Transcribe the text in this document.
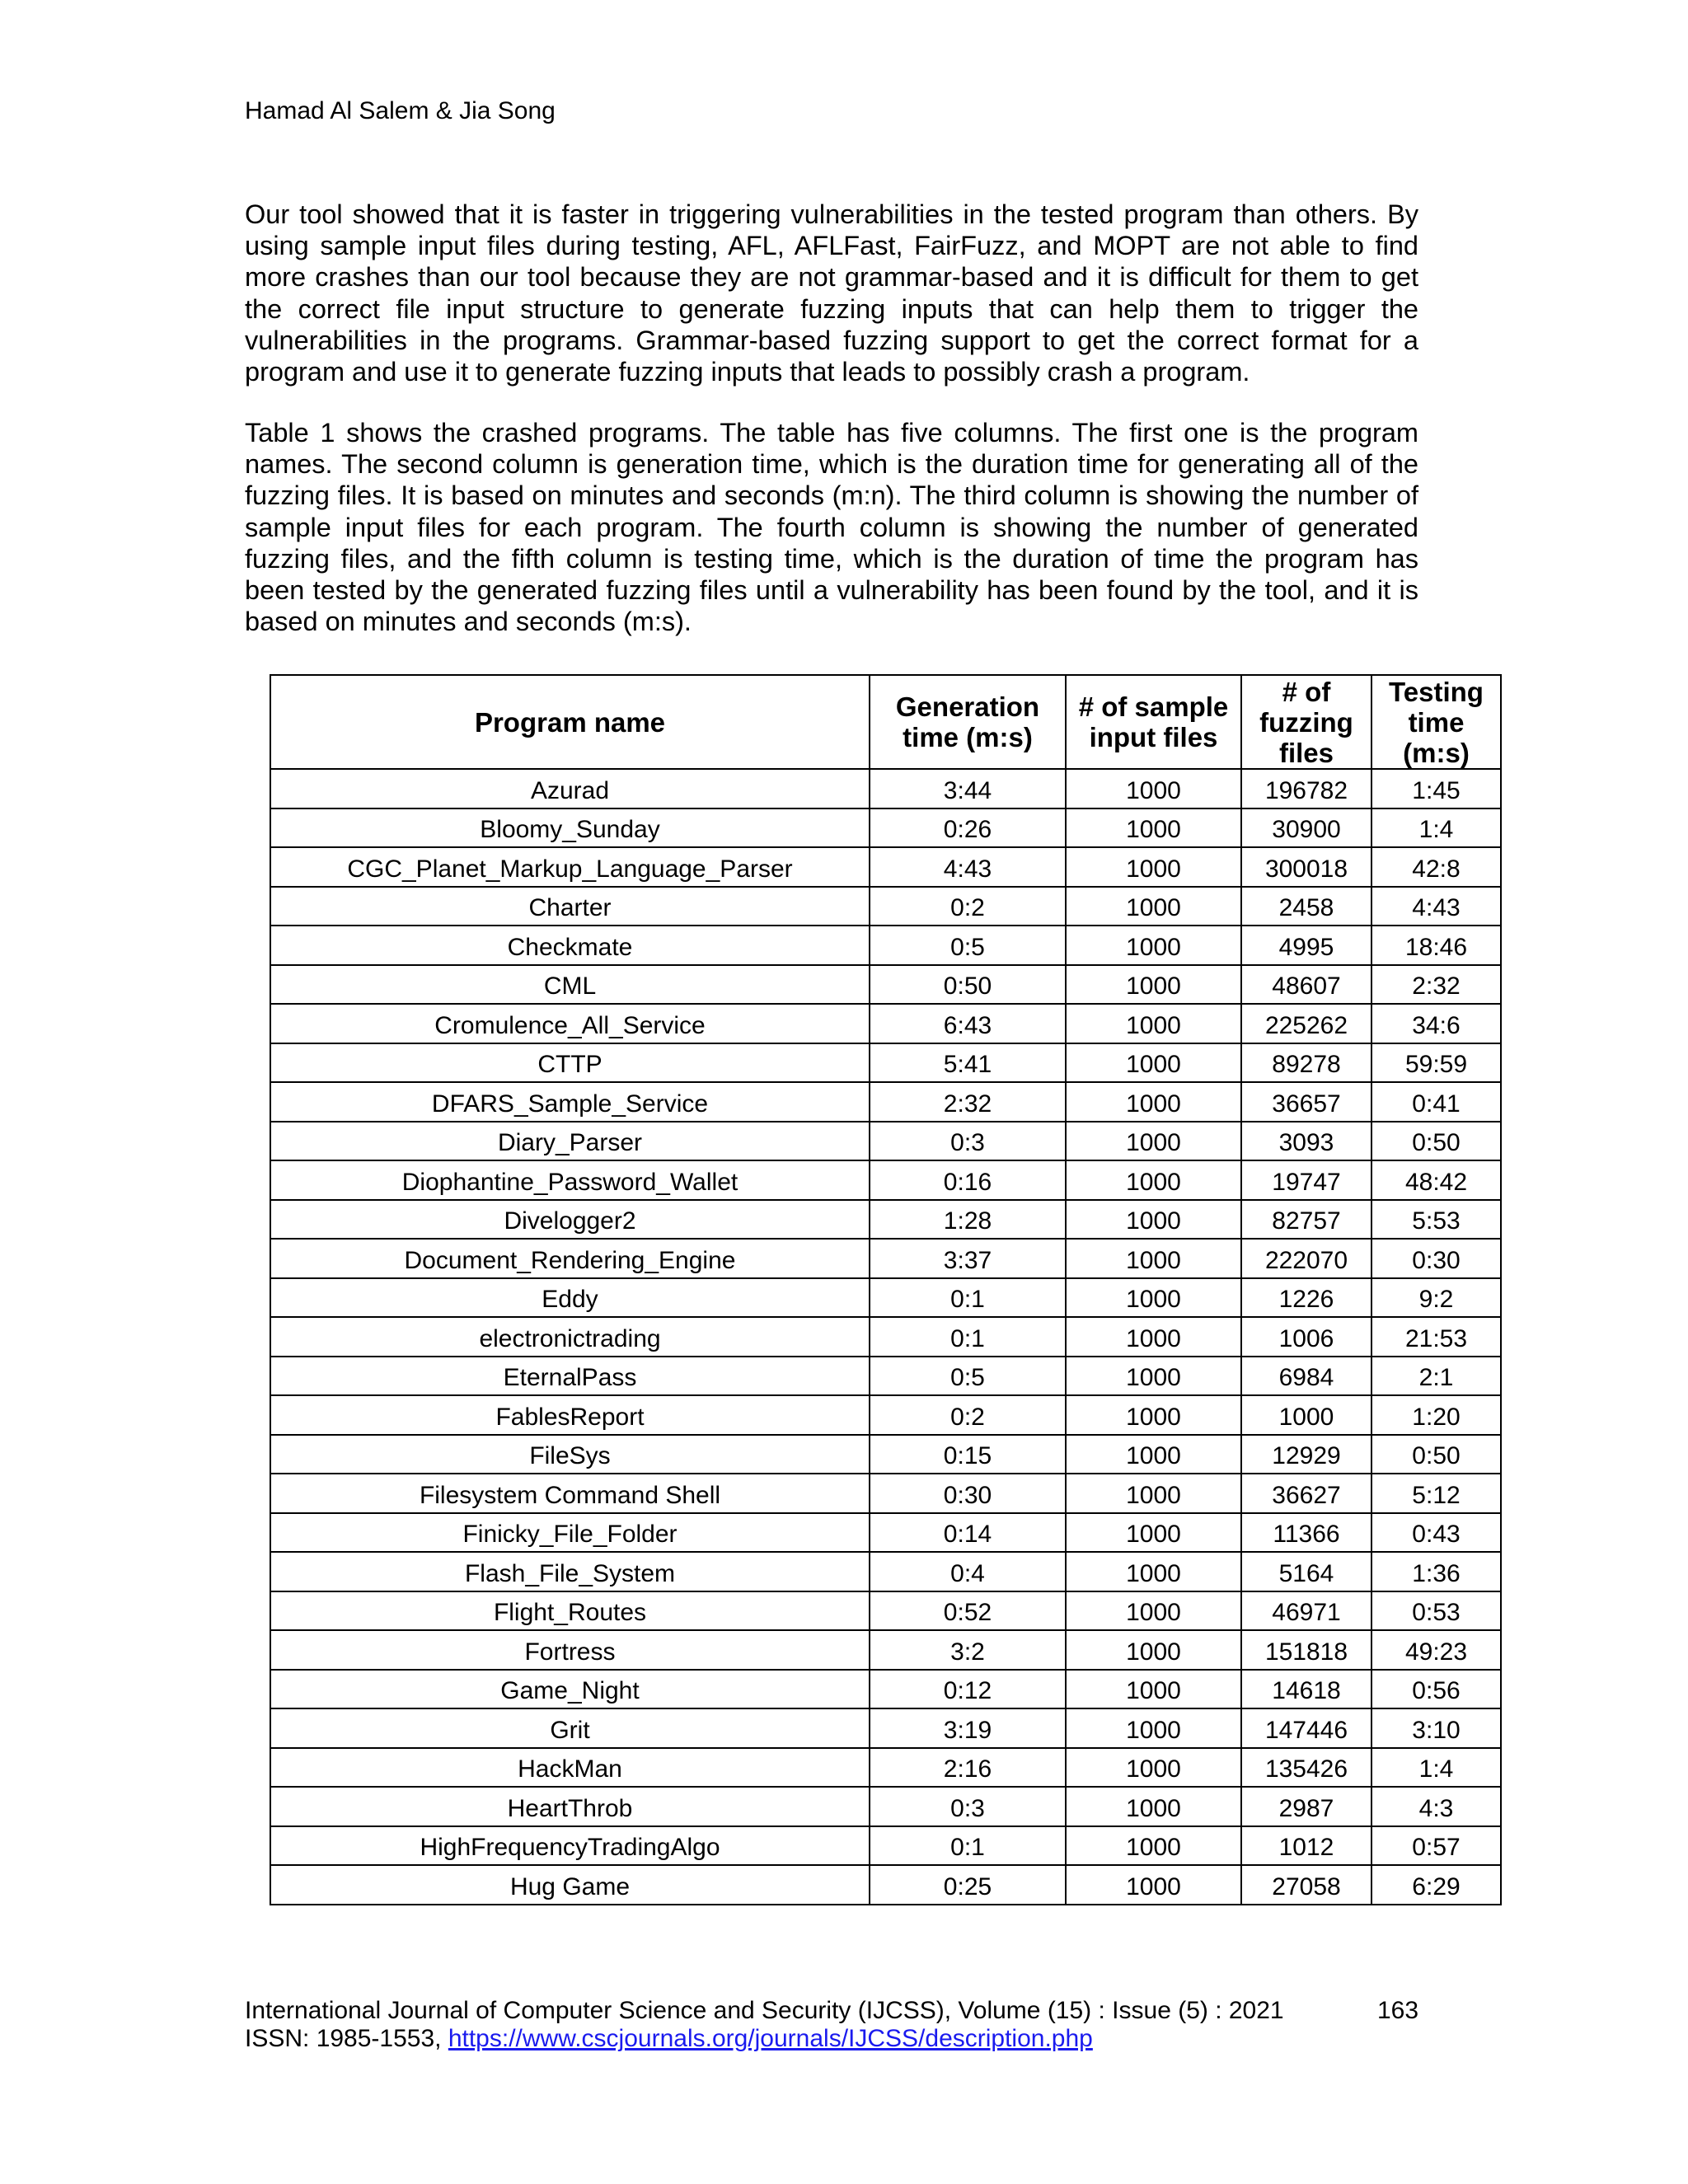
Hamad Al Salem & Jia Song

Our tool showed that it is faster in triggering vulnerabilities in the tested program than others. By using sample input files during testing, AFL, AFLFast, FairFuzz, and MOPT are not able to find more crashes than our tool because they are not grammar-based and it is difficult for them to get the correct file input structure to generate fuzzing inputs that can help them to trigger the vulnerabilities in the programs. Grammar-based fuzzing support to get the correct format for a program and use it to generate fuzzing inputs that leads to possibly crash a program.

Table 1 shows the crashed programs. The table has five columns. The first one is the program names. The second column is generation time, which is the duration time for generating all of the fuzzing files. It is based on minutes and seconds (m:n). The third column is showing the number of sample input files for each program. The fourth column is showing the number of generated fuzzing files, and the fifth column is testing time, which is the duration of time the program has been tested by the generated fuzzing files until a vulnerability has been found by the tool, and it is based on minutes and seconds (m:s).

Program name	Generation time (m:s)	# of sample input files	# of fuzzing files	Testing time (m:s)
Azurad	3:44	1000	196782	1:45
Bloomy_Sunday	0:26	1000	30900	1:4
CGC_Planet_Markup_Language_Parser	4:43	1000	300018	42:8
Charter	0:2	1000	2458	4:43
Checkmate	0:5	1000	4995	18:46
CML	0:50	1000	48607	2:32
Cromulence_All_Service	6:43	1000	225262	34:6
CTTP	5:41	1000	89278	59:59
DFARS_Sample_Service	2:32	1000	36657	0:41
Diary_Parser	0:3	1000	3093	0:50
Diophantine_Password_Wallet	0:16	1000	19747	48:42
Divelogger2	1:28	1000	82757	5:53
Document_Rendering_Engine	3:37	1000	222070	0:30
Eddy	0:1	1000	1226	9:2
electronictrading	0:1	1000	1006	21:53
EternalPass	0:5	1000	6984	2:1
FablesReport	0:2	1000	1000	1:20
FileSys	0:15	1000	12929	0:50
Filesystem Command Shell	0:30	1000	36627	5:12
Finicky_File_Folder	0:14	1000	11366	0:43
Flash_File_System	0:4	1000	5164	1:36
Flight_Routes	0:52	1000	46971	0:53
Fortress	3:2	1000	151818	49:23
Game_Night	0:12	1000	14618	0:56
Grit	3:19	1000	147446	3:10
HackMan	2:16	1000	135426	1:4
HeartThrob	0:3	1000	2987	4:3
HighFrequencyTradingAlgo	0:1	1000	1012	0:57
Hug Game	0:25	1000	27058	6:29
International Journal of Computer Science and Security (IJCSS), Volume (15) : Issue (5) : 2021	163
ISSN: 1985-1553, https://www.cscjournals.org/journals/IJCSS/description.php
